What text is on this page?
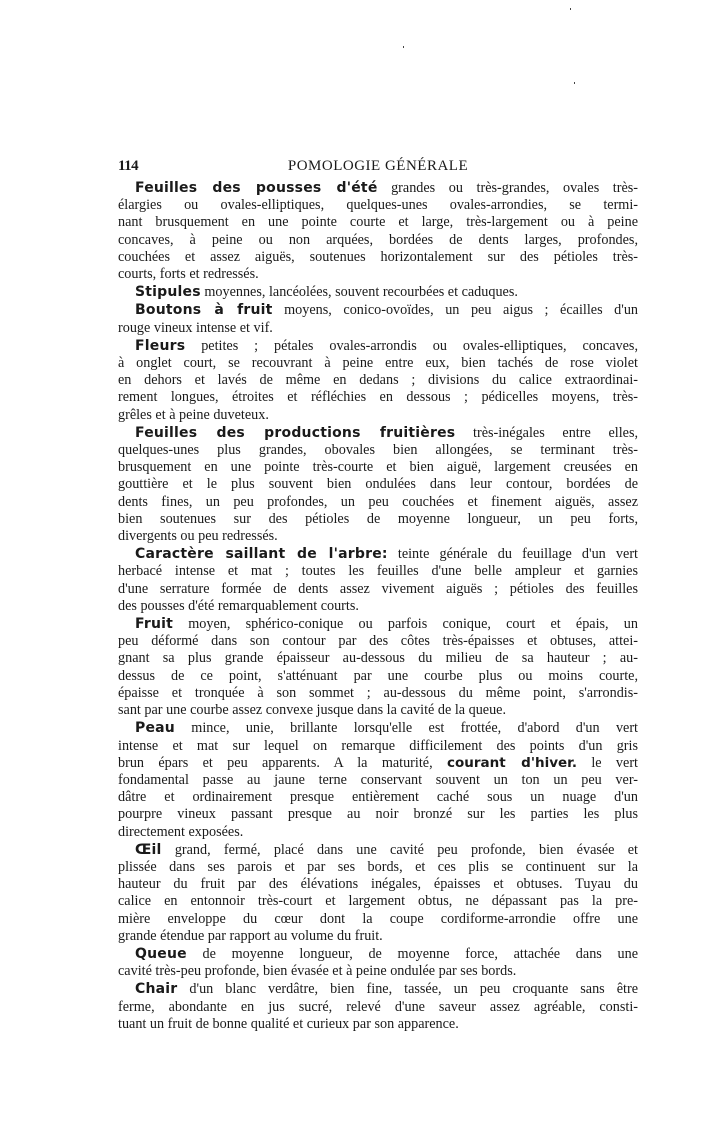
POMOLOGIE GÉNÉRALE
114
Feuilles des pousses d'été grandes ou très-grandes, ovales très-
élargies ou ovales-elliptiques, quelques-unes ovales-arrondies, se termi-
nant brusquement en une pointe courte et large, très-largement ou à peine
concaves, à peine ou non arquées, bordées de dents larges, profondes,
couchées et assez aiguës, soutenues horizontalement sur des pétioles très-
courts, forts et redressés.
Stipules moyennes, lancéolées, souvent recourbées et caduques.
Boutons à fruit moyens, conico-ovoïdes, un peu aigus ; écailles d'un
rouge vineux intense et vif.
Fleurs petites ; pétales ovales-arrondis ou ovales-elliptiques, concaves,
à onglet court, se recouvrant à peine entre eux, bien tachés de rose violet
en dehors et lavés de même en dedans ; divisions du calice extraordinai-
rement longues, étroites et réfléchies en dessous ; pédicelles moyens, très-
grêles et à peine duveteux.
Feuilles des productions fruitières très-inégales entre elles,
quelques-unes plus grandes, obovales bien allongées, se terminant très-
brusquement en une pointe très-courte et bien aiguë, largement creusées en
gouttière et le plus souvent bien ondulées dans leur contour, bordées de
dents fines, un peu profondes, un peu couchées et finement aiguës, assez
bien soutenues sur des pétioles de moyenne longueur, un peu forts,
divergents ou peu redressés.
Caractère saillant de l'arbre: teinte générale du feuillage d'un vert
herbacé intense et mat ; toutes les feuilles d'une belle ampleur et garnies
d'une serrature formée de dents assez vivement aiguës ; pétioles des feuilles
des pousses d'été remarquablement courts.
Fruit moyen, sphérico-conique ou parfois conique, court et épais, un
peu déformé dans son contour par des côtes très-épaisses et obtuses, attei-
gnant sa plus grande épaisseur au-dessous du milieu de sa hauteur ; au-
dessus de ce point, s'atténuant par une courbe plus ou moins courte,
épaisse et tronquée à son sommet ; au-dessous du même point, s'arrondis-
sant par une courbe assez convexe jusque dans la cavité de la queue.
Peau mince, unie, brillante lorsqu'elle est frottée, d'abord d'un vert
intense et mat sur lequel on remarque difficilement des points d'un gris
brun épars et peu apparents. A la maturité, courant d'hiver. le vert
fondamental passe au jaune terne conservant souvent un ton un peu ver-
dâtre et ordinairement presque entièrement caché sous un nuage d'un
pourpre vineux passant presque au noir bronzé sur les parties les plus
directement exposées.
Œil grand, fermé, placé dans une cavité peu profonde, bien évasée et
plissée dans ses parois et par ses bords, et ces plis se continuent sur la
hauteur du fruit par des élévations inégales, épaisses et obtuses. Tuyau du
calice en entonnoir très-court et largement obtus, ne dépassant pas la pre-
mière enveloppe du cœur dont la coupe cordiforme-arrondie offre une
grande étendue par rapport au volume du fruit.
Queue de moyenne longueur, de moyenne force, attachée dans une
cavité très-peu profonde, bien évasée et à peine ondulée par ses bords.
Chair d'un blanc verdâtre, bien fine, tassée, un peu croquante sans être
ferme, abondante en jus sucré, relevé d'une saveur assez agréable, consti-
tuant un fruit de bonne qualité et curieux par son apparence.
